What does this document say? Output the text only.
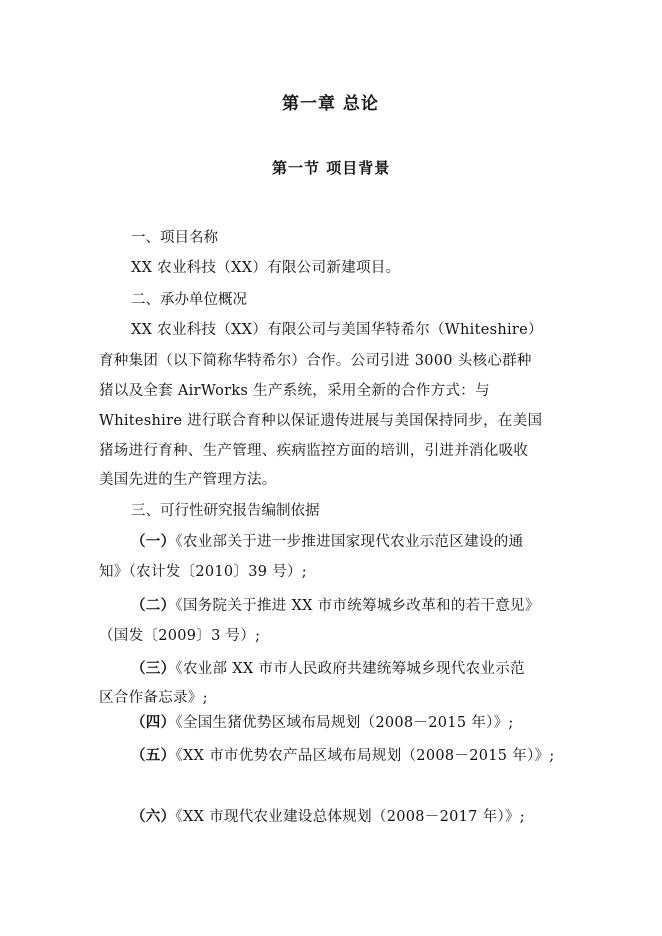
第一章 总论
第一节 项目背景
一、项目名称
XX 农业科技（XX）有限公司新建项目。
二、承办单位概况
XX 农业科技（XX）有限公司与美国华特希尔（Whiteshire）
育种集团（以下简称华特希尔）合作。公司引进 3000 头核心群种
猪以及全套 AirWorks 生产系统，采用全新的合作方式：与
Whiteshire 进行联合育种以保证遗传进展与美国保持同步，在美国
猪场进行育种、生产管理、疾病监控方面的培训，引进并消化吸收
美国先进的生产管理方法。
三、可行性研究报告编制依据
（一）《农业部关于进一步推进国家现代农业示范区建设的通
知》（农计发〔2010〕39 号）;
（二）《国务院关于推进 XX 市市统筹城乡改革和的若干意见》
（国发〔2009〕3 号）;
（三）《农业部 XX 市市人民政府共建统筹城乡现代农业示范
区合作备忘录》;
（四）《全国生猪优势区域布局规划（2008－2015 年）》;
（五）《XX 市市优势农产品区域布局规划（2008－2015 年）》;
（六）《XX 市现代农业建设总体规划（2008－2017 年）》;
